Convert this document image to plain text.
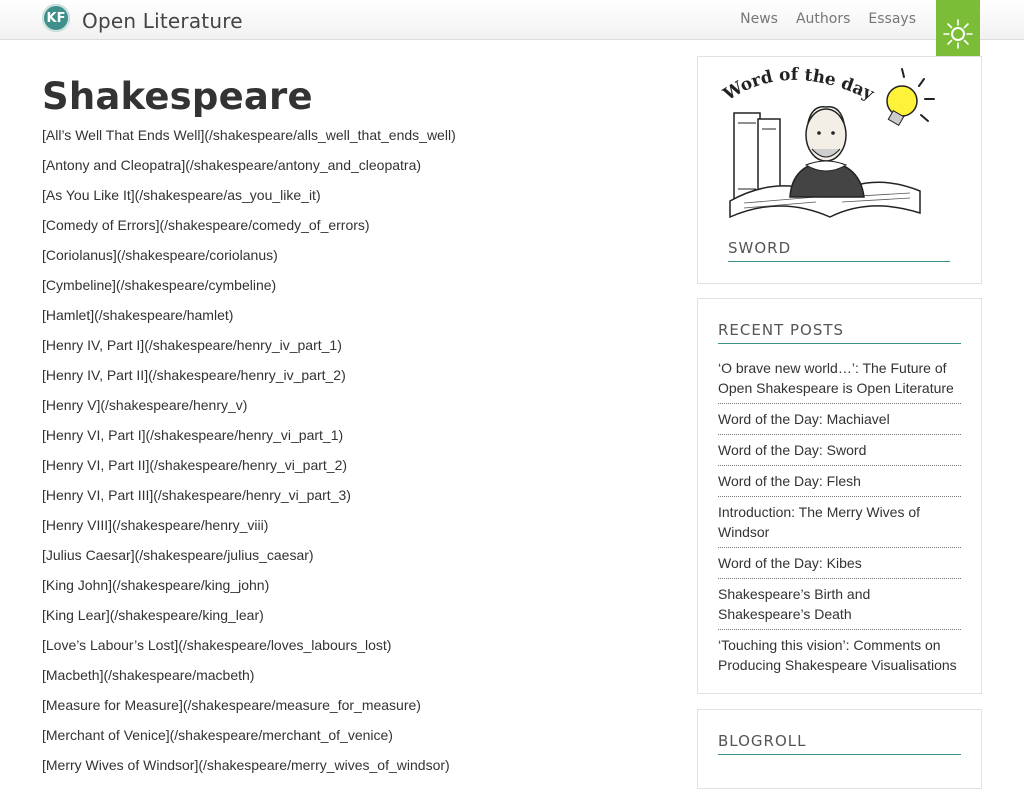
KF Open Literature	News Authors Essays
Shakespeare
[All’s Well That Ends Well](/shakespeare/alls_well_that_ends_well)
[Antony and Cleopatra](/shakespeare/antony_and_cleopatra)
[As You Like It](/shakespeare/as_you_like_it)
[Comedy of Errors](/shakespeare/comedy_of_errors)
[Coriolanus](/shakespeare/coriolanus)
[Cymbeline](/shakespeare/cymbeline)
[Hamlet](/shakespeare/hamlet)
[Henry IV, Part I](/shakespeare/henry_iv_part_1)
[Henry IV, Part II](/shakespeare/henry_iv_part_2)
[Henry V](/shakespeare/henry_v)
[Henry VI, Part I](/shakespeare/henry_vi_part_1)
[Henry VI, Part II](/shakespeare/henry_vi_part_2)
[Henry VI, Part III](/shakespeare/henry_vi_part_3)
[Henry VIII](/shakespeare/henry_viii)
[Julius Caesar](/shakespeare/julius_caesar)
[King John](/shakespeare/king_john)
[King Lear](/shakespeare/king_lear)
[Love’s Labour’s Lost](/shakespeare/loves_labours_lost)
[Macbeth](/shakespeare/macbeth)
[Measure for Measure](/shakespeare/measure_for_measure)
[Merchant of Venice](/shakespeare/merchant_of_venice)
[Merry Wives of Windsor](/shakespeare/merry_wives_of_windsor)
Word of the day
SWORD
RECENT POSTS
‘O brave new world…’: The Future of Open Shakespeare is Open Literature
Word of the Day: Machiavel
Word of the Day: Sword
Word of the Day: Flesh
Introduction: The Merry Wives of Windsor
Word of the Day: Kibes
Shakespeare’s Birth and Shakespeare’s Death
‘Touching this vision’: Comments on Producing Shakespeare Visualisations
BLOGROLL
